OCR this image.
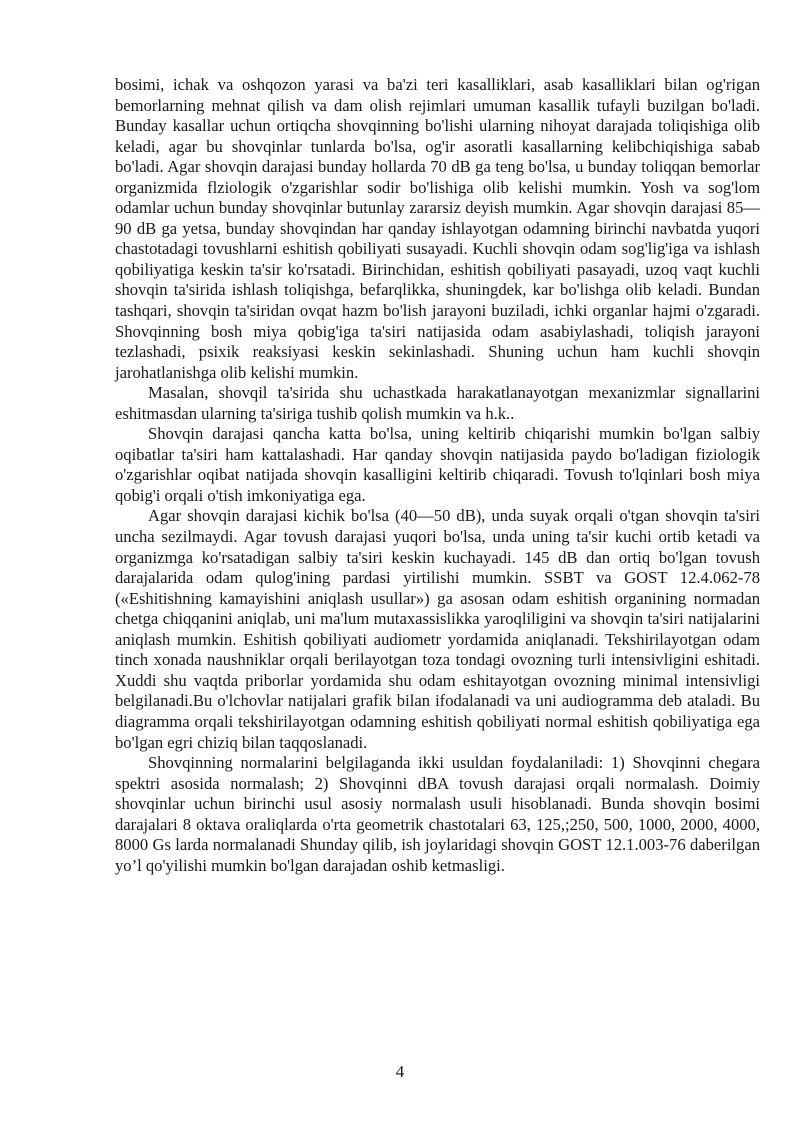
bosimi, ichak va oshqozon yarasi va ba'zi teri kasalliklari, asab kasalliklari bilan og'rigan bemorlarning mehnat qilish va dam olish rejimlari umuman kasallik tufayli buzilgan bo'ladi. Bunday kasallar uchun ortiqcha shovqinning bo'lishi ularning nihoyat darajada toliqishiga olib keladi, agar bu shovqinlar tunlarda bo'lsa, og'ir asoratli kasallarning kelibchiqishiga sabab bo'ladi. Agar shovqin darajasi bunday hollarda 70 dB ga teng bo'lsa, u bunday toliqqan bemorlar organizmida flziologik o'zgarishlar sodir bo'lishiga olib kelishi mumkin. Yosh va sog'lom odamlar uchun bunday shovqinlar butunlay zararsiz deyish mumkin. Agar shovqin darajasi 85—90 dB ga yetsa, bunday shovqindan har qanday ishlayotgan odamning birinchi navbatda yuqori chastotadagi tovushlarni eshitish qobiliyati susayadi. Kuchli shovqin odam sog'lig'iga va ishlash qobiliyatiga keskin ta'sir ko'rsatadi. Birinchidan, eshitish qobiliyati pasayadi, uzoq vaqt kuchli shovqin ta'sirida ishlash toliqishga, befarqlikka, shuningdek, kar bo'lishga olib keladi. Bundan tashqari, shovqin ta'siridan ovqat hazm bo'lish jarayoni buziladi, ichki organlar hajmi o'zgaradi. Shovqinning bosh miya qobig'iga ta'siri natijasida odam asabiylashadi, toliqish jarayoni tezlashadi, psixik reaksiyasi keskin sekinlashadi. Shuning uchun ham kuchli shovqin jarohatlanishga olib kelishi mumkin.

Masalan, shovqil ta'sirida shu uchastkada harakatlanayotgan mexanizmlar signallarini eshitmasdan ularning ta'siriga tushib qolish mumkin va h.k..

Shovqin darajasi qancha katta bo'lsa, uning keltirib chiqarishi mumkin bo'lgan salbiy oqibatlar ta'siri ham kattalashadi. Har qanday shovqin natijasida paydo bo'ladigan fiziologik o'zgarishlar oqibat natijada shovqin kasalligini keltirib chiqaradi. Tovush to'lqinlari bosh miya qobig'i orqali o'tish imkoniyatiga ega.

Agar shovqin darajasi kichik bo'lsa (40—50 dB), unda suyak orqali o'tgan shovqin ta'siri uncha sezilmaydi. Agar tovush darajasi yuqori bo'lsa, unda uning ta'sir kuchi ortib ketadi va organizmga ko'rsatadigan salbiy ta'siri keskin kuchayadi. 145 dB dan ortiq bo'lgan tovush darajalarida odam qulog'ining pardasi yirtilishi mumkin. SSBT va GOST 12.4.062-78 («Eshitishning kamayishini aniqlash usullar») ga asosan odam eshitish organining normadan chetga chiqqanini aniqlab, uni ma'lum mutaxassislikka yaroqliligini va shovqin ta'siri natijalarini aniqlash mumkin. Eshitish qobiliyati audiometr yordamida aniqlanadi. Tekshirilayotgan odam tinch xonada naushniklar orqali berilayotgan toza tondagi ovozning turli intensivligini eshitadi. Xuddi shu vaqtda priborlar yordamida shu odam eshitayotgan ovozning minimal intensivligi belgilanadi.Bu o'lchovlar natijalari grafik bilan ifodalanadi va uni audiogramma deb ataladi. Bu diagramma orqali tekshirilayotgan odamning eshitish qobiliyati normal eshitish qobiliyatiga ega bo'lgan egri chiziq bilan taqqoslanadi.

Shovqinning normalarini belgilaganda ikki usuldan foydalaniladi: 1) Shovqinni chegara spektri asosida normalash; 2) Shovqinni dBA tovush darajasi orqali normalash. Doimiy shovqinlar uchun birinchi usul asosiy normalash usuli hisoblanadi. Bunda shovqin bosimi darajalari 8 oktava oraliqlarda o'rta geometrik chastotalari 63, 125,;250, 500, 1000, 2000, 4000, 8000 Gs larda normalanadi Shunday qilib, ish joylaridagi shovqin GOST 12.1.003-76 daberilgan yo’l qo'yilishi mumkin bo'lgan darajadan oshib ketmasligi.

4
